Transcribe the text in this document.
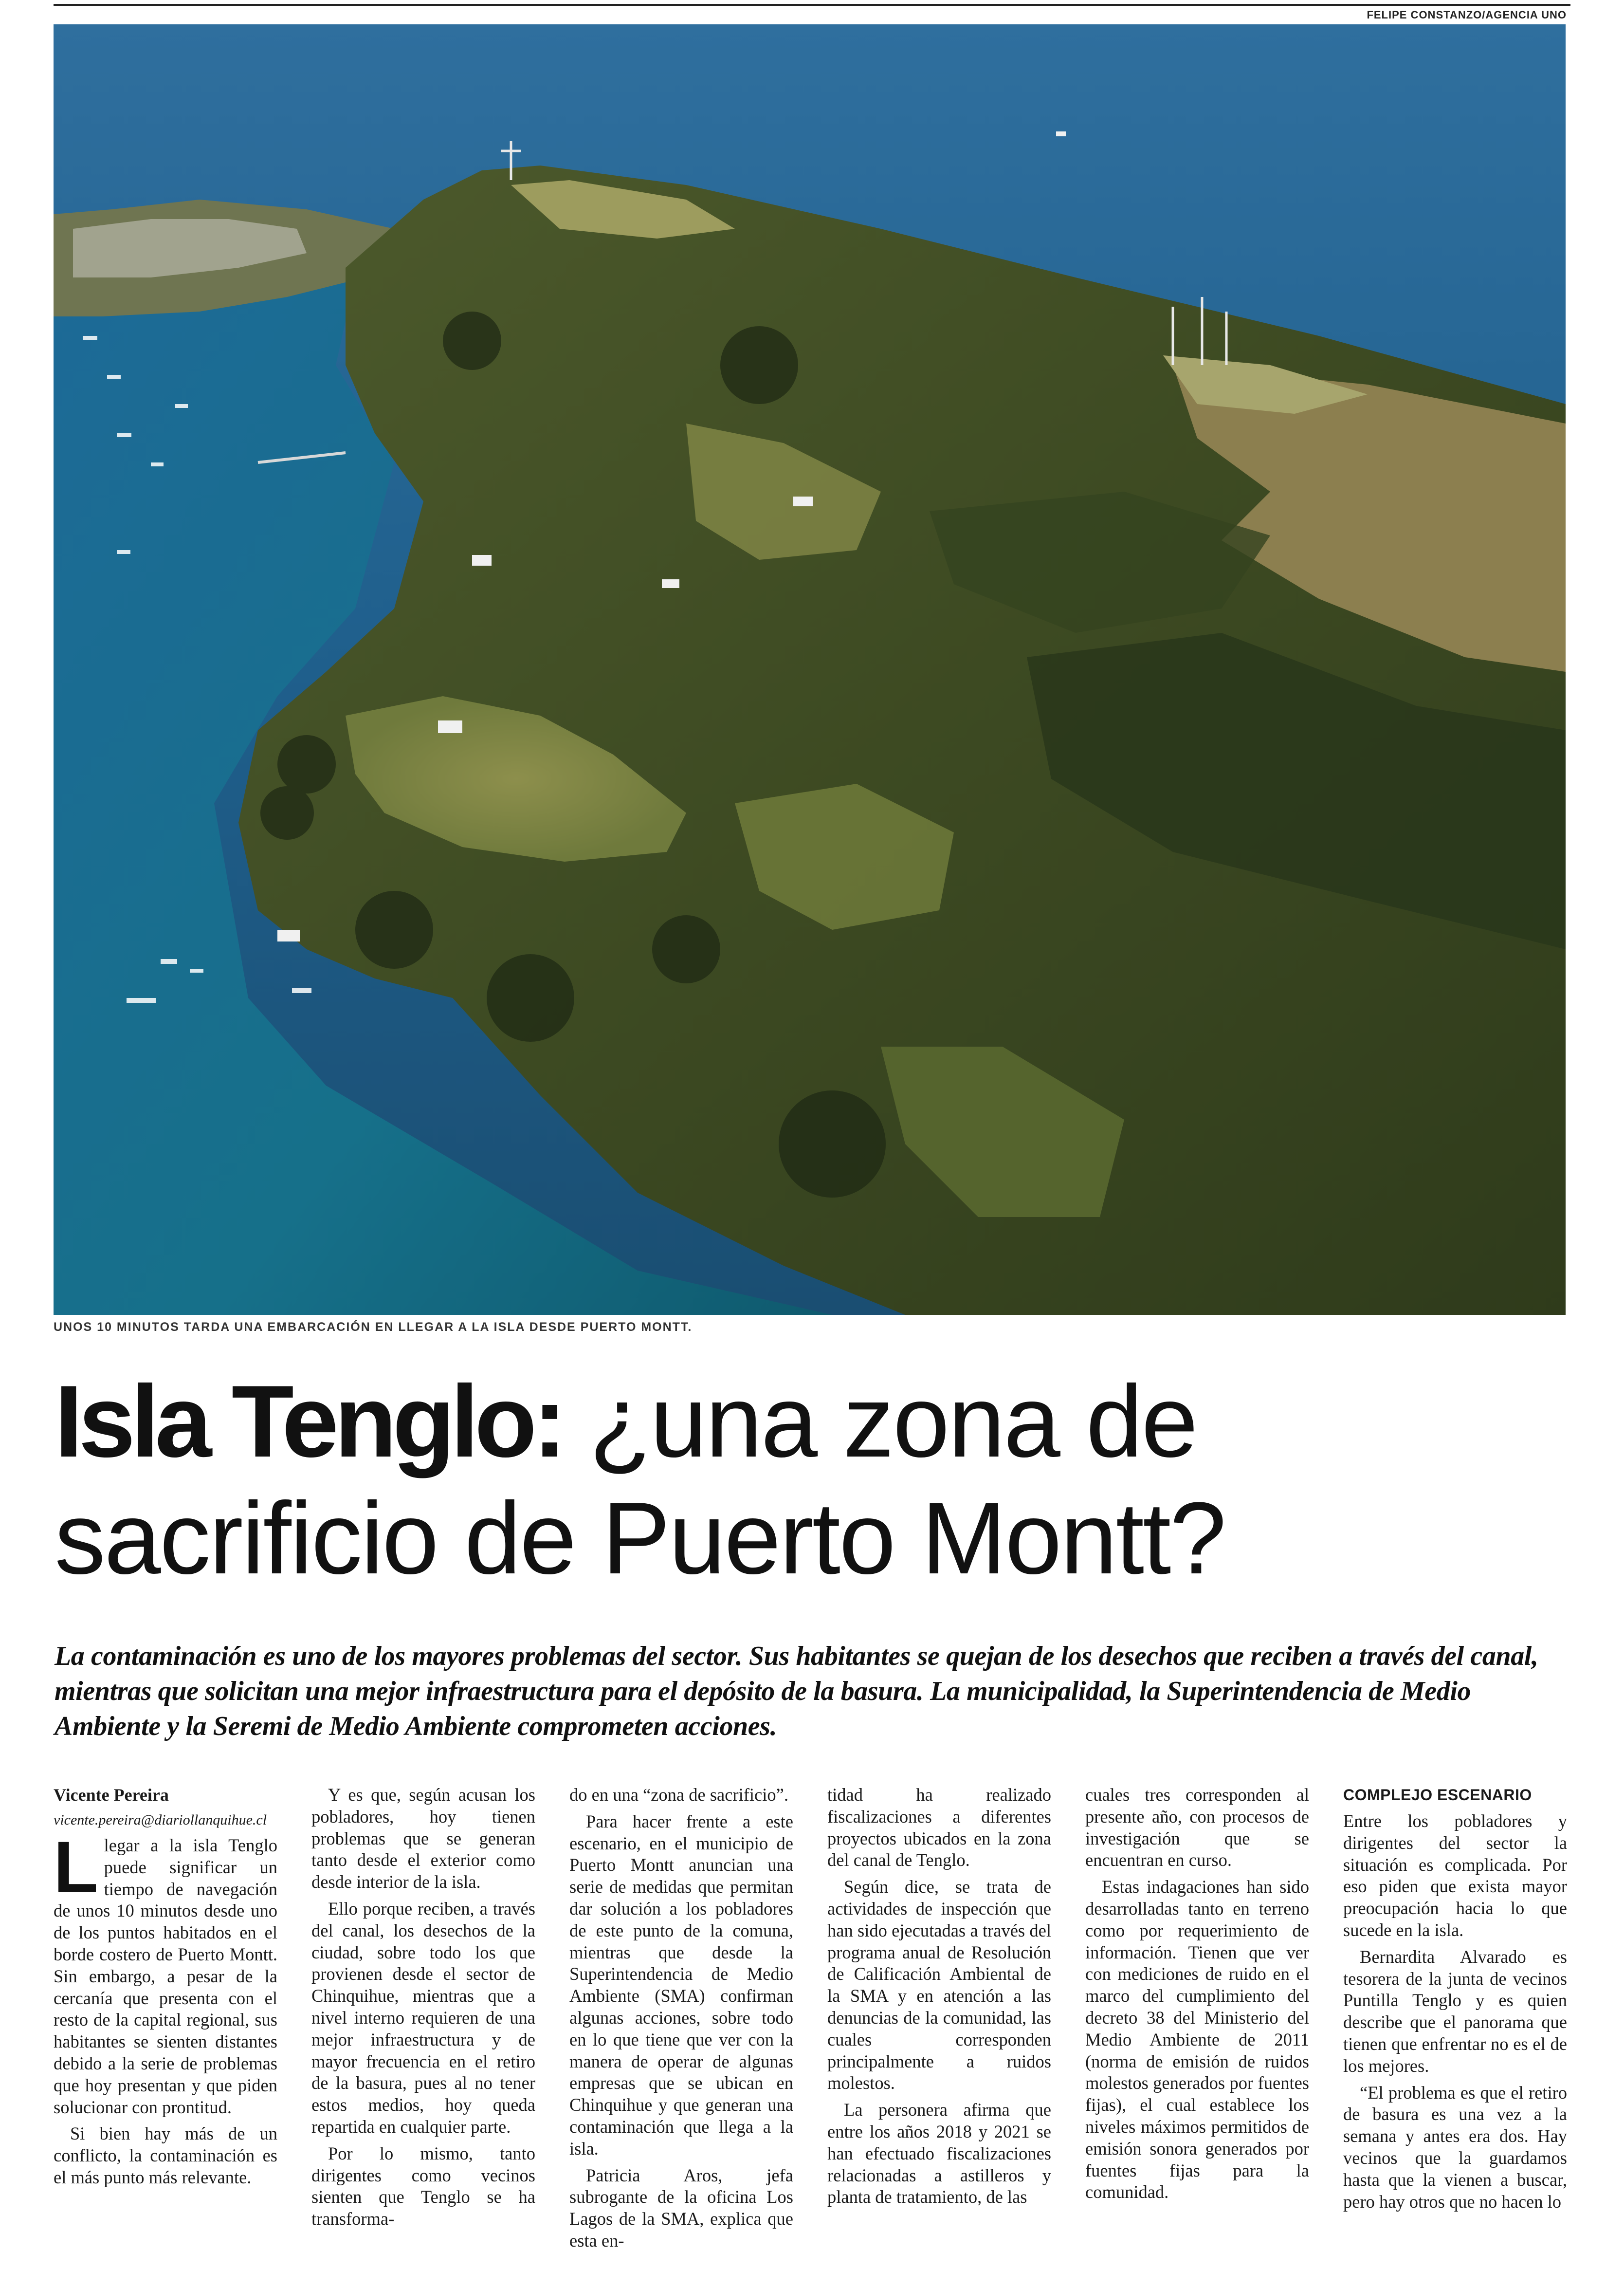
FELIPE CONSTANZO/AGENCIA UNO
UNOS 10 MINUTOS TARDA UNA EMBARCACIÓN EN LLEGAR A LA ISLA DESDE PUERTO MONTT.
Isla Tenglo: ¿una zona de
sacrificio de Puerto Montt?
La contaminación es uno de los mayores problemas del sector. Sus habitantes se quejan de los desechos que reciben a través del canal, mientras que solicitan una mejor infraestructura para el depósito de la basura. La municipalidad, la Superintendencia de Medio Ambiente y la Seremi de Medio Ambiente comprometen acciones.

Vicente Pereira

vicente.pereira@diariollanquihue.cl

Llegar a la isla Tenglo puede significar un tiempo de navegación de unos 10 minutos desde uno de los puntos habitados en el borde costero de Puerto Montt. Sin embargo, a pesar de la cercanía que presenta con el resto de la capital regional, sus habitantes se sienten distantes debido a la serie de problemas que hoy presentan y que piden solucionar con prontitud.

Si bien hay más de un conflicto, la contaminación es el más punto más relevante.

Y es que, según acusan los pobladores, hoy tienen problemas que se generan tanto desde el exterior como desde interior de la isla.

Ello porque reciben, a través del canal, los desechos de la ciudad, sobre todo los que provienen desde el sector de Chinquihue, mientras que a nivel interno requieren de una mejor infraestructura y de mayor frecuencia en el retiro de la basura, pues al no tener estos medios, hoy queda repartida en cualquier parte.

Por lo mismo, tanto dirigentes como vecinos sienten que Tenglo se ha transforma-

do en una “zona de sacrificio”.

Para hacer frente a este escenario, en el municipio de Puerto Montt anuncian una serie de medidas que permitan dar solución a los pobladores de este punto de la comuna, mientras que desde la Superintendencia de Medio Ambiente (SMA) confirman algunas acciones, sobre todo en lo que tiene que ver con la manera de operar de algunas empresas que se ubican en Chinquihue y que generan una contaminación que llega a la isla.

Patricia Aros, jefa subrogante de la oficina Los Lagos de la SMA, explica que esta en-

tidad ha realizado fiscalizaciones a diferentes proyectos ubicados en la zona del canal de Tenglo.

Según dice, se trata de actividades de inspección que han sido ejecutadas a través del programa anual de Resolución de Calificación Ambiental de la SMA y en atención a las denuncias de la comunidad, las cuales corresponden principalmente a ruidos molestos.

La personera afirma que entre los años 2018 y 2021 se han efectuado fiscalizaciones relacionadas a astilleros y planta de tratamiento, de las

cuales tres corresponden al presente año, con procesos de investigación que se encuentran en curso.

Estas indagaciones han sido desarrolladas tanto en terreno como por requerimiento de información. Tienen que ver con mediciones de ruido en el marco del cumplimiento del decreto 38 del Ministerio del Medio Ambiente de 2011 (norma de emisión de ruidos molestos generados por fuentes fijas), el cual establece los niveles máximos permitidos de emisión sonora generados por fuentes fijas para la comunidad.

COMPLEJO ESCENARIO

Entre los pobladores y dirigentes del sector la situación es complicada. Por eso piden que exista mayor preocupación hacia lo que sucede en la isla.

Bernardita Alvarado es tesorera de la junta de vecinos Puntilla Tenglo y es quien describe que el panorama que tienen que enfrentar no es el de los mejores.

“El problema es que el retiro de basura es una vez a la semana y antes era dos. Hay vecinos que la guardamos hasta que la vienen a buscar, pero hay otros que no hacen lo
